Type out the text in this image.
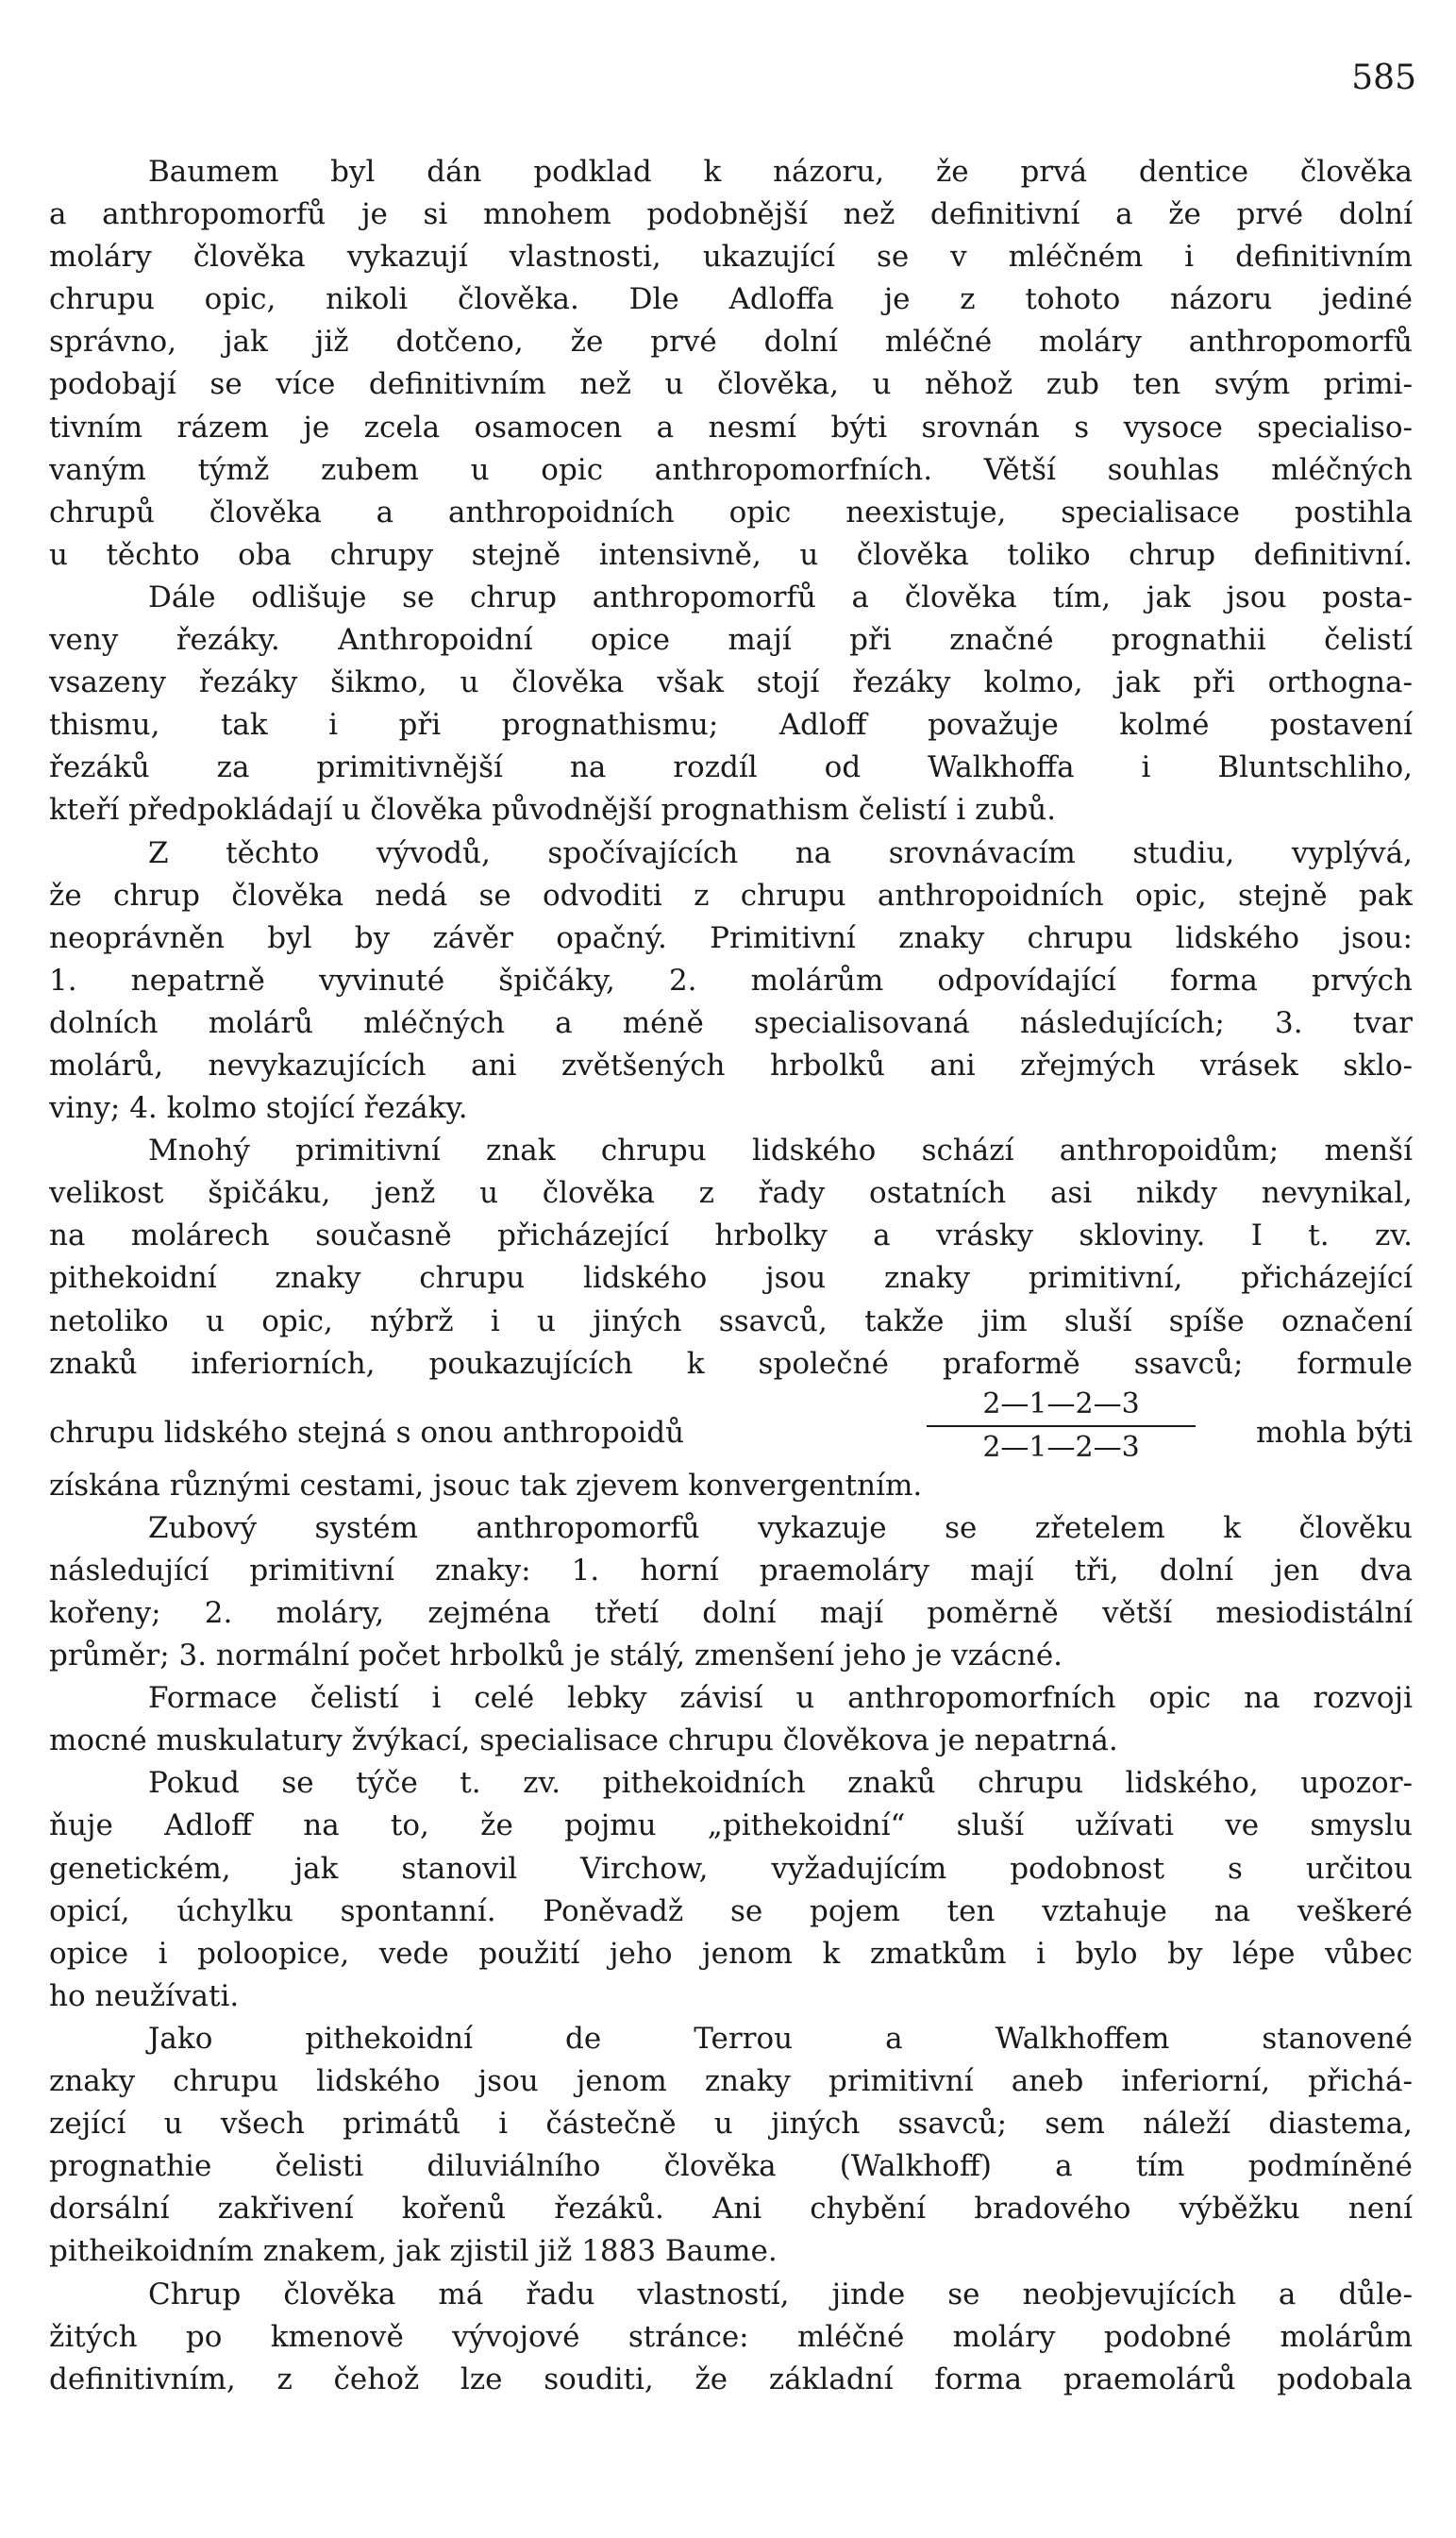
585
Baumem byl dán podklad k názoru, že prvá dentice člověka
a anthropomorfů je si mnohem podobnější než definitivní a že prvé dolní
moláry člověka vykazují vlastnosti, ukazující se v mléčném i definitivním
chrupu opic, nikoli člověka. Dle Adloffa je z tohoto názoru jediné
správno, jak již dotčeno, že prvé dolní mléčné moláry anthropomorfů
podobají se více definitivním než u člověka, u něhož zub ten svým primi-
tivním rázem je zcela osamocen a nesmí býti srovnán s vysoce specialiso-
vaným týmž zubem u opic anthropomorfních. Větší souhlas mléčných
chrupů člověka a anthropoidních opic neexistuje, specialisace postihla
u těchto oba chrupy stejně intensivně, u člověka toliko chrup definitivní.
Dále odlišuje se chrup anthropomorfů a člověka tím, jak jsou posta-
veny řezáky. Anthropoidní opice mají při značné prognathii čelistí
vsazeny řezáky šikmo, u člověka však stojí řezáky kolmo, jak při orthogna-
thismu, tak i při prognathismu; Adloff považuje kolmé postavení
řezáků za primitivnější na rozdíl od Walkhoffa i Bluntschliho,
kteří předpokládají u člověka původnější prognathism čelistí i zubů.
Z těchto vývodů, spočívajících na srovnávacím studiu, vyplývá,
že chrup člověka nedá se odvoditi z chrupu anthropoidních opic, stejně pak
neoprávněn byl by závěr opačný. Primitivní znaky chrupu lidského jsou:
1. nepatrně vyvinuté špičáky, 2. molárům odpovídající forma prvých
dolních molárů mléčných a méně specialisovaná následujících; 3. tvar
molárů, nevykazujících ani zvětšených hrbolků ani zřejmých vrásek sklo-
viny; 4. kolmo stojící řezáky.
Mnohý primitivní znak chrupu lidského schází anthropoidům; menší
velikost špičáku, jenž u člověka z řady ostatních asi nikdy nevynikal,
na molárech současně přicházející hrbolky a vrásky skloviny. I t. zv.
pithekoidní znaky chrupu lidského jsou znaky primitivní, přicházející
netoliko u opic, nýbrž i u jiných ssavců, takže jim sluší spíše označení
znaků inferiorních, poukazujících k společné praformě ssavců; formule
chrupu lidského stejná s onou anthropoidů	$\frac{2—1—2—3}{2—1—2—3}$ mohla býti
získána různými cestami, jsouc tak zjevem konvergentním.
Zubový systém anthropomorfů vykazuje se zřetelem k člověku
následující primitivní znaky: 1. horní praemoláry mají tři, dolní jen dva
kořeny; 2. moláry, zejména třetí dolní mají poměrně větší mesiodistální
průměr; 3. normální počet hrbolků je stálý, zmenšení jeho je vzácné.
Formace čelistí i celé lebky závisí u anthropomorfních opic na rozvoji
mocné muskulatury žvýkací, specialisace chrupu člověkova je nepatrná.
Pokud se týče t. zv. pithekoidních znaků chrupu lidského, upozor-
ňuje Adloff na to, že pojmu „pithekoidní“ sluší užívati ve smyslu
genetickém, jak stanovil Virchow, vyžadujícím podobnost s určitou
opicí, úchylku spontanní. Poněvadž se pojem ten vztahuje na veškeré
opice i poloopice, vede použití jeho jenom k zmatkům i bylo by lépe vůbec
ho neužívati.
Jako pithekoidní de Terrou a Walkhoffem stanovené
znaky chrupu lidského jsou jenom znaky primitivní aneb inferiorní, přichá-
zející u všech primátů i částečně u jiných ssavců; sem náleží diastema,
prognathie čelisti diluviálního člověka (Walkhoff) a tím podmíněné
dorsální zakřivení kořenů řezáků. Ani chybění bradového výběžku není
pitheikoidním znakem, jak zjistil již 1883 Baume.
Chrup člověka má řadu vlastností, jinde se neobjevujících a důle-
žitých po kmenově vývojové stránce: mléčné moláry podobné molárům
definitivním, z čehož lze souditi, že základní forma praemolárů podobala
